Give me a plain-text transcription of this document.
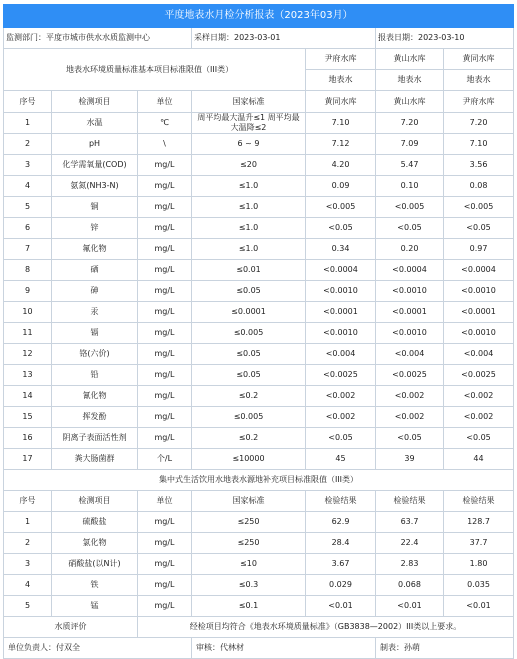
平度地表水月检分析报表（2023年03月）						
监测部门：平度市城市供水水质监测中心			采样日期：2023-03-01		报表日期：2023-03-10	
地表水环境质量标准基本项目标准限值（III类）				尹府水库	黄山水库	黄同水库
				地表水	地表水	地表水
序号	检测项目	单位	国家标准	黄同水库	黄山水库	尹府水库
1	水温	℃	周平均最大温升≤1 周平均最大温降≤2	7.10	7.20	7.20
2	pH	\	6 ~ 9	7.12	7.09	7.10
3	化学需氧量(COD)	mg/L	≤20	4.20	5.47	3.56
4	氨氮(NH3-N)	mg/L	≤1.0	0.09	0.10	0.08
5	铜	mg/L	≤1.0	<0.005	<0.005	<0.005
6	锌	mg/L	≤1.0	<0.05	<0.05	<0.05
7	氟化物	mg/L	≤1.0	0.34	0.20	0.97
8	硒	mg/L	≤0.01	<0.0004	<0.0004	<0.0004
9	砷	mg/L	≤0.05	<0.0010	<0.0010	<0.0010
10	汞	mg/L	≤0.0001	<0.0001	<0.0001	<0.0001
11	镉	mg/L	≤0.005	<0.0010	<0.0010	<0.0010
12	铬(六价)	mg/L	≤0.05	<0.004	<0.004	<0.004
13	铅	mg/L	≤0.05	<0.0025	<0.0025	<0.0025
14	氰化物	mg/L	≤0.2	<0.002	<0.002	<0.002
15	挥发酚	mg/L	≤0.005	<0.002	<0.002	<0.002
16	阴离子表面活性剂	mg/L	≤0.2	<0.05	<0.05	<0.05
17	粪大肠菌群	个/L	≤10000	45	39	44
集中式生活饮用水地表水源地补充项目标准限值（III类）						
序号	检测项目	单位	国家标准	检验结果	检验结果	检验结果
1	硫酸盐	mg/L	≤250	62.9	63.7	128.7
2	氯化物	mg/L	≤250	28.4	22.4	37.7
3	硝酸盐(以N计)	mg/L	≤10	3.67	2.83	1.80
4	铁	mg/L	≤0.3	0.029	0.068	0.035
5	锰	mg/L	≤0.1	<0.01	<0.01	<0.01
水质评价		经检项目均符合《地表水环境质量标准》（GB3838—2002）III类以上要求。				
单位负责人：付双全			审核：代林材		制表：孙萌	
